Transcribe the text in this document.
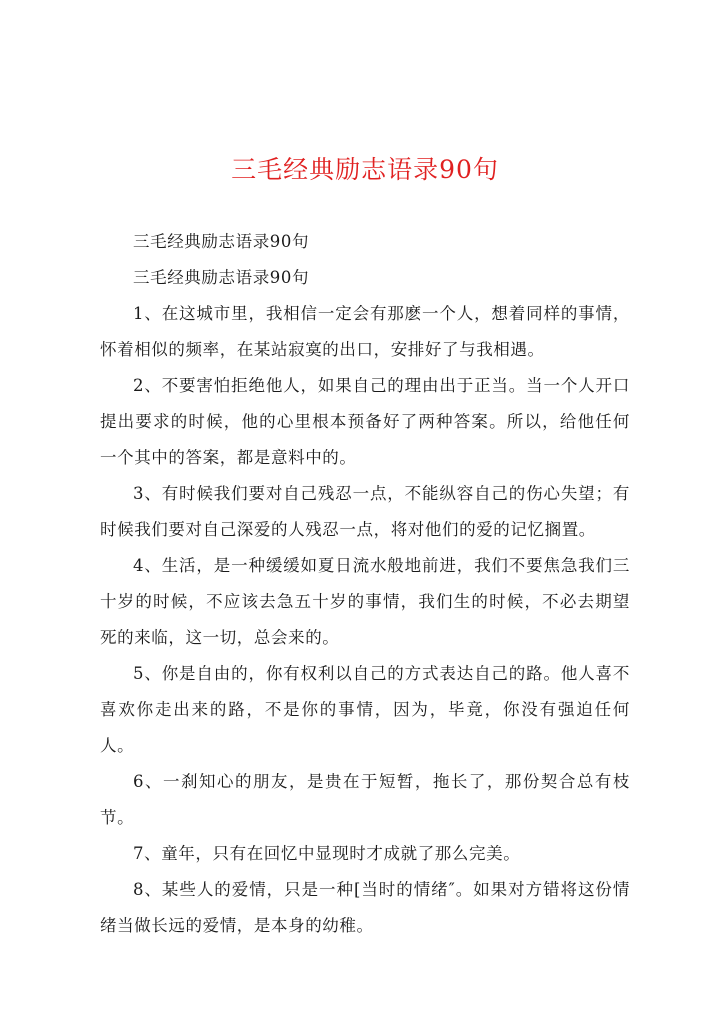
三毛经典励志语录90句

三毛经典励志语录90句

三毛经典励志语录90句

1、在这城市里，我相信一定会有那麽一个人，想着同样的事情，怀着相似的频率，在某站寂寞的出口，安排好了与我相遇。

2、不要害怕拒绝他人，如果自己的理由出于正当。当一个人开口提出要求的时候，他的心里根本预备好了两种答案。所以，给他任何一个其中的答案，都是意料中的。

3、有时候我们要对自己残忍一点，不能纵容自己的伤心失望；有时候我们要对自己深爱的人残忍一点，将对他们的爱的记忆搁置。

4、生活，是一种缓缓如夏日流水般地前进，我们不要焦急我们三十岁的时候，不应该去急五十岁的事情，我们生的时候，不必去期望死的来临，这一切，总会来的。

5、你是自由的，你有权利以自己的方式表达自己的路。他人喜不喜欢你走出来的路，不是你的事情，因为，毕竟，你没有强迫任何人。

6、一刹知心的朋友，是贵在于短暂，拖长了，那份契合总有枝节。

7、童年，只有在回忆中显现时才成就了那么完美。

8、某些人的爱情，只是一种[当时的情绪″。如果对方错将这份情绪当做长远的爱情，是本身的幼稚。
